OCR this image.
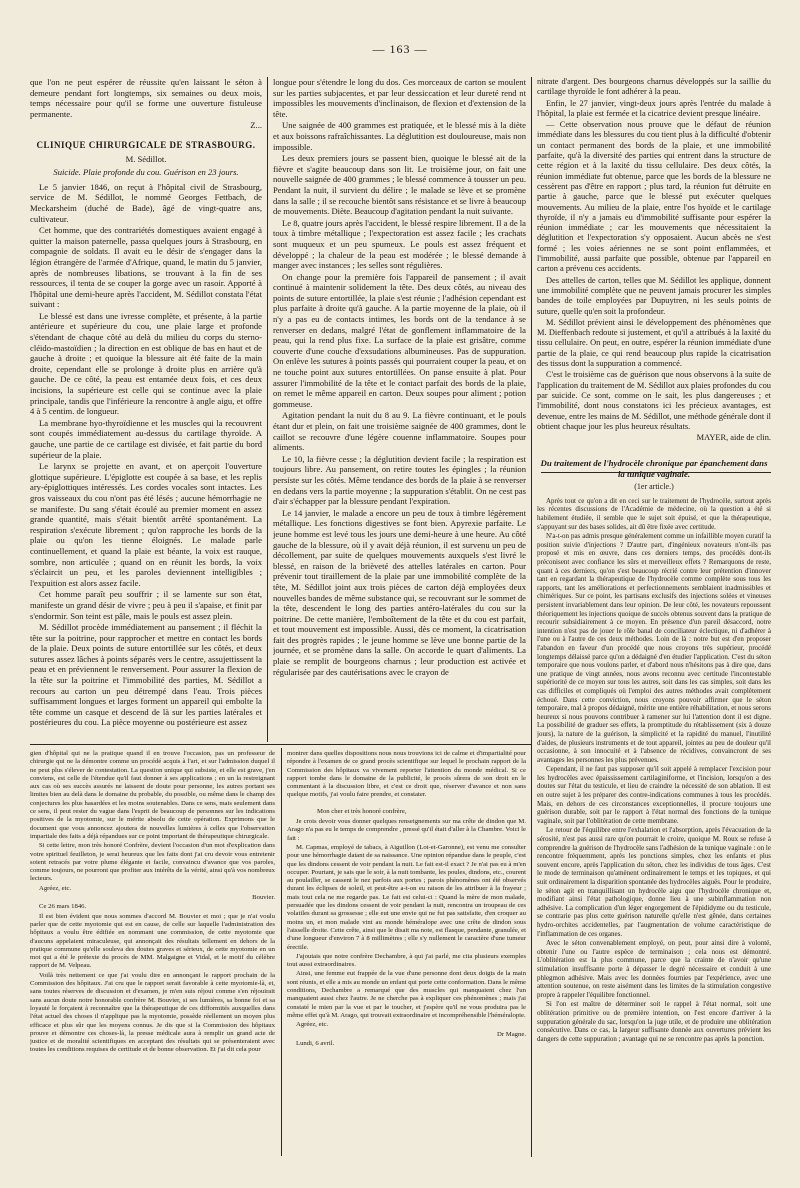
— 163 —

que l'on ne peut espérer de réussite qu'en laissant le séton à demeure pendant fort longtemps, six semaines ou deux mois, temps nécessaire pour qu'il se forme une ouverture fistuleuse permanente.

Z...

CLINIQUE CHIRURGICALE DE STRASBOURG.
M. Sédillot.

Suicide. Plaie profonde du cou. Guérison en 23 jours.

Le 5 janvier 1846, on reçut à l'hôpital civil de Strasbourg, service de M. Sédillot, le nommé Georges Fettbach, de Meckarsheim (duché de Bade), âgé de vingt-quatre ans, cultivateur.

Cet homme, que des contrariétés domestiques avaient engagé à quitter la maison paternelle, passa quelques jours à Strasbourg, en compagnie de soldats. Il avait eu le désir de s'engager dans la légion étrangère de l'armée d'Afrique, quand, le matin du 5 janvier, après de nombreuses libations, se trouvant à la fin de ses ressources, il tenta de se couper la gorge avec un rasoir. Apporté à l'hôpital une demi-heure après l'accident, M. Sédillot constata l'état suivant :

Le blessé est dans une ivresse complète, et présente, à la partie antérieure et supérieure du cou, une plaie large et profonde s'étendant de chaque côté au delà du milieu du corps du sterno-cléido-mastoïdien ; la direction en est oblique de bas en haut et de gauche à droite ; et quoique la blessure ait été faite de la main droite, cependant elle se prolonge à droite plus en arrière qu'à gauche. De ce côté, la peau est entamée deux fois, et ces deux incisions, la supérieure est celle qui se continue avec la plaie principale, tandis que l'inférieure la rencontre à angle aigu, et offre 4 à 5 centim. de longueur.

La membrane hyo-thyroïdienne et les muscles qui la recouvrent sont coupés immédiatement au-dessus du cartilage thyroïde. A gauche, une partie de ce cartilage est divisée, et fait partie du bord supérieur de la plaie.

Le larynx se projette en avant, et on aperçoit l'ouverture glottique supérieure. L'épiglotte est coupée à sa base, et les replis ary-épiglottiques intéressés. Les cordes vocales sont intactes. Les gros vaisseaux du cou n'ont pas été lésés ; aucune hémorrhagie ne se manifeste. Du sang s'était écoulé au premier moment en assez grande quantité, mais s'était bientôt arrêté spontanément. La respiration s'exécute librement ; qu'on rapproche les bords de la plaie ou qu'on les tienne éloignés. Le malade parle continuellement, et quand la plaie est béante, la voix est rauque, sombre, non articulée ; quand on en réunit les bords, la voix s'éclaircit un peu, et les paroles deviennent intelligibles ; l'expuition est alors assez facile.

Cet homme paraît peu souffrir ; il se lamente sur son état, manifeste un grand désir de vivre ; peu à peu il s'apaise, et finit par s'endormir. Son teint est pâle, mais le pouls est assez plein.

M. Sédillot procède immédiatement au pansement ; il fléchit la tête sur la poitrine, pour rapprocher et mettre en contact les bords de la plaie. Deux points de suture entortillée sur les côtés, et deux sutures assez lâches à points séparés vers le centre, assujettissent la peau et en préviennent le renversement. Pour assurer la flexion de la tête sur la poitrine et l'immobilité des parties, M. Sédillot a recours au carton un peu détrempé dans l'eau. Trois pièces suffisamment longues et larges forment un appareil qui embolte la tête comme un casque et descend de là sur les parties latérales et postérieures du cou. La pièce moyenne ou postérieure est assez

longue pour s'étendre le long du dos. Ces morceaux de carton se moulent sur les parties subjacentes, et par leur dessiccation et leur dureté rend nt impossibles les mouvements d'inclinaison, de flexion et d'extension de la tête.

Une saignée de 400 grammes est pratiquée, et le blessé mis à la diète et aux boissons rafraîchissantes. La déglutition est douloureuse, mais non impossible.

Les deux premiers jours se passent bien, quoique le blessé ait de la fièvre et s'agite beaucoup dans son lit. Le troisième jour, on fait une nouvelle saignée de 400 grammes ; le blessé commence à tousser un peu. Pendant la nuit, il survient du délire ; le malade se lève et se promène dans la salle ; il se recouche bientôt sans résistance et se livre à beaucoup de mouvements. Diète. Beaucoup d'agitation pendant la nuit suivante.

Le 8, quatre jours après l'accident, le blessé respire librement. Il a de la toux à timbre métallique ; l'expectoration est assez facile ; les crachats sont muqueux et un peu spumeux. Le pouls est assez fréquent et développé ; la chaleur de la peau est modérée ; le blessé demande à manger avec instances ; les selles sont régulières.

On change pour la première fois l'appareil de pansement ; il avait continué à maintenir solidement la tête. Des deux côtés, au niveau des points de suture entortillée, la plaie s'est réunie ; l'adhésion cependant est plus parfaite à droite qu'à gauche. A la partie moyenne de la plaie, où il n'y a pas eu de contacts intimes, les bords ont de la tendance à se renverser en dedans, malgré l'état de gonflement inflammatoire de la peau, qui la rend plus fixe. La surface de la plaie est grisâtre, comme couverte d'une couche d'exsudations albumineuses. Pas de suppuration. On enlève les sutures à points passés qui pourraient couper la peau, et on ne touche point aux sutures entortillées. On panse ensuite à plat. Pour assurer l'immobilité de la tête et le contact parfait des bords de la plaie, on remet le même appareil en carton. Deux soupes pour aliment ; potion gommeuse.

Agitation pendant la nuit du 8 au 9. La fièvre continuant, et le pouls étant dur et plein, on fait une troisième saignée de 400 grammes, dont le caillot se recouvre d'une légère couenne inflammatoire. Soupes pour aliments.

Le 10, la fièvre cesse ; la déglutition devient facile ; la respiration est toujours libre. Au pansement, on retire toutes les épingles ; la réunion persiste sur les côtés. Même tendance des bords de la plaie à se renverser en dedans vers la partie moyenne ; la suppuration s'établit. On ne cest pas d'air s'échapper par la blessure pendant l'expiration.

Le 14 janvier, le malade a encore un peu de toux à timbre légèrement métallique. Les fonctions digestives se font bien. Apyrexie parfaite. Le jeune homme est levé tous les jours une demi-heure à une heure. Au côté gauche de la blessure, où il y avait déjà réunion, il est survenu un peu de décollement, par suite de quelques mouvements auxquels s'est livré le blessé, en raison de la brièveté des attelles latérales en carton. Pour prévenir tout tiraillement de la plaie par une immobilité complète de la tête, M. Sédillot joint aux trois pièces de carton déjà employées deux nouvelles bandes de même substance qui, se recouvrant sur le sommet de la tête, descendent le long des parties antéro-latérales du cou sur la poitrine. De cette manière, l'emboîtement de la tête et du cou est parfait, et tout mouvement est impossible. Aussi, dès ce moment, la cicatrisation fait des progrès rapides ; le jeune homme se lève une bonne partie de la journée, et se promène dans la salle. On accorde le quart d'aliments. La plaie se remplit de bourgeons charnus ; leur production est activée et régularisée par des cautérisations avec le crayon de

nitrate d'argent. Des bourgeons charnus développés sur la saillie du cartilage thyroïde le font adhérer à la peau.

Enfin, le 27 janvier, vingt-deux jours après l'entrée du malade à l'hôpital, la plaie est fermée et la cicatrice devient presque linéaire.

— Cette observation nous prouve que le défaut de réunion immédiate dans les blessures du cou tient plus à la difficulté d'obtenir un contact permanent des bords de la plaie, et une immobilité parfaite, qu'à la diversité des parties qui entrent dans la structure de cette région et à la laxité du tissu cellulaire. Des deux côtés, la réunion immédiate fut obtenue, parce que les bords de la blessure ne cessèrent pas d'être en rapport ; plus tard, la réunion fut détruite en partie à gauche, parce que le blessé put exécuter quelques mouvements. Au milieu de la plaie, entre l'os hyoïde et le cartilage thyroïde, il n'y a jamais eu d'immobilité suffisante pour espérer la réunion immédiate ; car les mouvements que nécessitaient la déglutition et l'expectoration s'y opposaient. Aucun abcès ne s'est formé ; les voies aériennes ne se sont point enflammées, et l'immobilité, aussi parfaite que possible, obtenue par l'appareil en carton a prévenu ces accidents.

Des attelles de carton, telles que M. Sédillot les applique, donnent une immobilité complète que ne peuvent jamais procurer les simples bandes de toile employées par Dupuytren, ni les seuls points de suture, quelle qu'en soit la profondeur.

M. Sédillot prévient ainsi le développement des phénomènes que M. Dieffenbach redoute si justement, et qu'il a attribués à la laxité du tissu cellulaire. On peut, en outre, espérer la réunion immédiate d'une partie de la plaie, ce qui rend beaucoup plus rapide la cicatrisation des tissus dont la suppuration a commencé.

C'est le troisième cas de guérison que nous observons à la suite de l'application du traitement de M. Sédillot aux plaies profondes du cou par suicide. Ce sont, comme on le sait, les plus dangereuses ; et l'immobilité, dont nous constatons ici les précieux avantages, est devenue, entre les mains de M. Sédillot, une méthode générale dont il obtient chaque jour les plus heureux résultats.

MAYER, aide de clin.

Du traitement de l'hydrocèle chronique par épanchement dans la tunique vaginale.

(1er article.)

Après tout ce qu'on a dit en ceci sur le traitement de l'hydrocèle, surtout après les récentes discussions de l'Académie de médecine, où la question a été si habilement étudiée, il semble que le sujet soit épuisé, et que la thérapeutique, s'appuyant sur des bases solides, ait dû être fixée avec certitude.

N'a-t-on pas admis presque généralement comme un infaillible moyen curatif la position suivie d'injections ? D'autre part, d'ingénieux novateurs n'ont-ils pas proposé et mis en œuvre, dans ces derniers temps, des procédés dont-ils préconisent avec confiance les sûrs et merveilleux effets ? Remarquons de reste, quant à ces derniers, qu'on s'est beaucoup récrié contre leur prétention d'innover tant en regardant la thérapeutique de l'hydrocèle comme complète sous tous les rapports, tant les améliorations et perfectionnements semblaient inadmissibles et chimériques. Sur ce point, les partisans exclusifs des injections solées et vineuses persistent invariablement dans leur opinion. De leur côté, les novateurs repoussent théoriquement les injections quoique de succès obtenus souvent dans la pratique de recourir subsidiairement à ce moyen. En présence d'un pareil désaccord, notre intention n'est pas de jouer le rôle banal de conciliateur éclectique, ni d'adhérer à l'une ou à l'autre de ces deux méthodes. Loin de là : notre but est d'en proposer l'abandon en faveur d'un procédé que nous croyons très supérieur, procédé longtemps délaissé parce qu'on a dédaigné d'en étudier l'application. C'est du séton temporaire que nous voulons parler, et d'abord nous n'hésitons pas à dire que, dans une pratique de vingt années, nous avons reconnu avec certitude l'incontestable supériorité de ce moyen sur tous les autres, soit dans les cas simples, soit dans les cas difficiles et compliqués où l'emploi des autres méthodes avait complètement échoué. Dans cette conviction, nous croyons pouvoir affirmer que le séton temporaire, mal à propos dédaigné, mérite une entière réhabilitation, et nous serons heureux si nous pouvons contribuer à ramener sur lui l'attention dont il est digne. La possibilité de graduer ses effets, la promptitude du rétablissement (six à douze jours), la nature de la guérison, la simplicité et la rapidité du manuel, l'inutilité d'aides, de plusieurs instruments et de tout appareil, jointes au peu de douleur qu'il occasionne, à son innocuité et à l'absence de récidives, convaincront de ses avantages les personnes les plus prévenues.

Cependant, il ne faut pas supposer qu'il soit appelé à remplacer l'excision pour les hydrocèles avec épaississement cartilaginiforme, et l'incision, lorsqu'on a des doutes sur l'état du testicule, et lieu de craindre la nécessité de son ablation. Il est en outre sujet à les préparer des contre-indications communes à tous les procédés. Mais, en dehors de ces circonstances exceptionnelles, il procure toujours une guérison durable, soit par le rapport à l'état normal des fonctions de la tunique vaginale, soit par l'oblitération de cette membrane.

Le retour de l'équilibre entre l'exhalation et l'absorption, après l'évacuation de la sérosité, n'est pas aussi rare qu'on pourrait le croire, quoique M. Roux se refuse à comprendre la guérison de l'hydrocèle sans l'adhésion de la tunique vaginale : on le rencontre fréquemment, après les ponctions simples, chez les enfants et plus souvent encore, après l'application du séton, chez les individus de tous âges. C'est le mode de terminaison qu'amènent ordinairement le temps et les topiques, et qui suit ordinairement la disparition spontanée des hydrocèles aiguës. Pour le produire, le séton agit en tranquillisant un hydrocèle aigu que l'hydrocèle chronique et, modifiant ainsi l'état pathologique, donne lieu à une subinflammation non adhésive. La complication d'un léger engorgement de l'épididyme ou du testicule, se contrarie pas plus cette guérison naturelle qu'elle n'est gênée, dans certaines hydro-orchites accidentelles, par l'augmentation de volume caractéristique de l'inflammation de ces organes.

Avec le séton convenablement employé, on peut, pour ainsi dire à volonté, obtenir l'une ou l'autre espèce de terminaison ; cela nous est démontré. L'oblitération est la plus commune, parce que la crainte de n'avoir qu'une stimulation insuffisante porte à dépasser le degré nécessaire et conduit à une phlegmon adhésive. Mais avec les données fournies par l'expérience, avec une attention soutenue, on reste aisément dans les limites de la stimulation congestive propre à rappeler l'équilibre fonctionnel.

Si l'on est maître de déterminer soit le rappel à l'état normal, soit une oblitération primitive ou de première intention, on l'est encore d'arriver à la suppuration générale du sac, lorsqu'on la juge utile, et de produire une oblitération consécutive. Dans ce cas, la largeur suffisante donnée aux ouvertures prévient les dangers de cette suppuration ; avantage qui ne se rencontre pas après la ponction.

gien d'hôpital qui ne la pratique quand il en trouve l'occasion, pas un professeur de chirurgie qui ne la démontre comme un procédé acquis à l'art, et sur l'admission duquel il ne peut plus s'élever de contestation. La question unique qui subsiste, et elle est grave, j'en conviens, est celle de l'étendue qu'il faut donner à ses applications ; en un la restreignant aux cas où ses succès assurés ne laissent de doute pour personne, les autres portant ses limites bien au delà dans le domaine du probable, du possible, ou même dans le champ des conjectures les plus hasardées et les moins soutenables. Dans ce sens, mais seulement dans ce sens, il peut rester du vague dans l'esprit de beaucoup de personnes sur les indications positives de la myotomie, sur le mérite absolu de cette opération. Exprimons que le document que vous annoncez ajoutera de nouvelles lumières à celles que l'observation impartiale des faits a déjà répandues sur ce point important de thérapeutique chirurgicale.

Si cette lettre, mon très honoré Confrère, devient l'occasion d'un mot d'explication dans votre spirituel feuilleton, je serai heureux que les faits dont j'ai cru devoir vous entretenir soient retracés par votre plume élégante et facile, convaincu d'avance que vos paroles, comme toujours, ne pourront que profiter aux intérêts de la vérité, ainsi qu'à vos nombreux lecteurs.

Agréez, etc.

Bouvier.

Ce 26 mars 1846.

Il est bien évident que nous sommes d'accord M. Bouvier et moi ; que je n'ai voulu parler que de cette myotomie qui est en cause, de celle sur laquelle l'administration des hôpitaux a voulu être édifiée en nommant une commission, de cette myotomie que d'aucuns appelaient miraculeuse, qui annonçait des résultats tellement en dehors de la pratique commune qu'elle souleva des doutes graves et sérieux, de cette myotomie en un mot qui a été le prétexte du procès de MM. Malgaigne et Vidal, et le motif du célèbre rapport de M. Velpeau.

Voilà très nettement ce que j'ai voulu dire en annonçant le rapport prochain de la Commission des hôpitaux. J'ai cru que le rapport serait favorable à cette myotomie-là, et, sans toutes réserves de discussion et d'examen, je m'en suis réjoui comme s'en réjouirait sans aucun doute notre honorable confrère M. Bouvier, si ses lumières, sa bonne foi et sa loyauté le forçaient à reconnaître que la thérapeutique de ces difformités auxquelles dans l'état actuel des choses il n'applique pas la myotomie, possède réellement un moyen plus efficace et plus sûr que les moyens connus. Je dis que si la Commission des hôpitaux prouve et démontre ces choses-là, la presse médicale aura à remplir un grand acte de justice et de moralité scientifiques en acceptant des résultats qui se présenteraient avec toutes les conditions requises de certitude et de bonne observation. Et j'ai dit cela pour

montrer dans quelles dispositions nous nous trouvions ici de calme et d'impartialité pour répondre à l'examen de ce grand procès scientifique sur lequel le prochain rapport de la Commission des hôpitaux va vivement reporter l'attention du monde médical. Si ce rapport tombe dans le domaine de la publicité, le procès sûrera de son droit en le commentant à la discussion libre, et c'est ce droit que, réserver d'avance et non sans quelque motifs, j'ai voulu faire prendre, et constater.

Mon cher et très honoré confrère,

Je crois devoir vous donner quelques renseignements sur ma crête de dindon que M. Arago n'a pas eu le temps de comprendre , pressé qu'il était d'aller à la Chambre. Voici le fait :

M. Capmas, employé de tabacs, à Aiguillon (Lot-et-Garonne), est venu me consulter pour une hémorrhagie datant de sa naissance. Une opinion répandue dans le peuple, c'est que les dindons cessent de voir pendant la nuit. Le fait est-il exact ? Je n'ai pas eu à m'en occuper. Pourtant, je sais que le soir, à la nuit tombante, les poules, dindons, etc., courent au poulailler, se cassent le nez parfois aux portes ; parois phénomènes ont été observés durant les éclipses de soleil, et peut-être a-t-on eu raison de les attribuer à la frayeur ; mais tout cela ne me regarde pas. Le fait est celui-ci : Quand la mère de mon malade, persuadée que les dindons cessent de voir pendant la nuit, rencontra un troupeau de ces volatiles durant sa grossesse ; elle eut une envie qui ne fut pas satisfaite, d'en croquer au moins un, et mon malade vint au monde héméralope avec une crête de dindon sous l'aisselle droite. Cette crête, ainsi que le disait ma note, est flasque, pendante, granulée, et d'une longueur d'environ 7 à 8 millimètres ; elle s'y nullement le caractère d'une tumeur érectile.

J'ajoutais que notre confrère Dechambre, à qui j'ai parlé, me cita plusieurs exemples tout aussi extraordinaires.

Ainsi, une femme eut frappée de la vue d'une personne dont deux doigts de la main sont réunis, et elle a mis au monde un enfant qui porte cette conformation. Dans le même conditions, Dechambre a remarqué que des muscles qui manquaient chez l'un manquaient aussi chez l'autre. Je ne cherche pas à expliquer ces phénomènes ; mais j'ai constaté le mien par la vue et par le toucher, et j'espère qu'il ne vous produira pas le même effet qu'à M. Arago, qui trouvait extraordinaire et incompréhensible l'héméralopie.

Agréez, etc.

Dr Magne.

Lundi, 6 avril.
